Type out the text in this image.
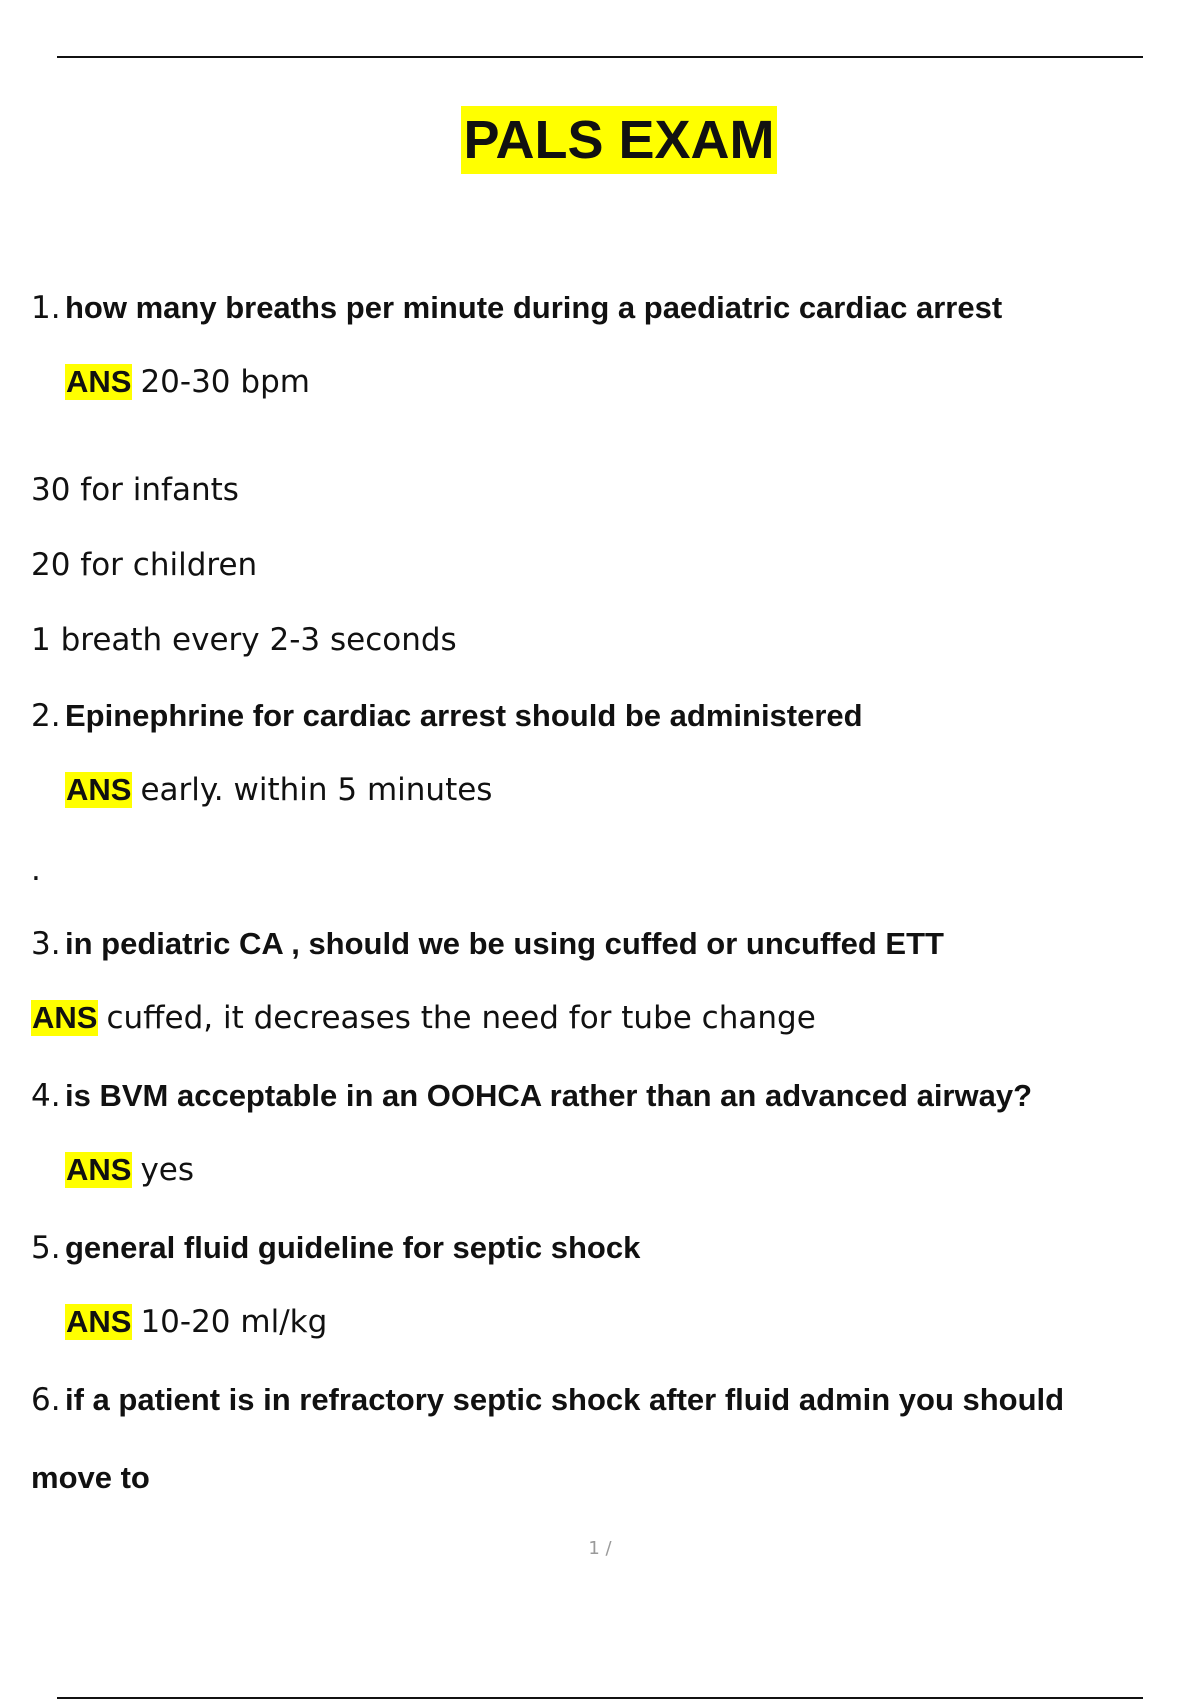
PALS EXAM
1. how many breaths per minute during a paediatric cardiac arrest
ANS 20-30 bpm
30 for infants
20 for children
1 breath every 2-3 seconds
2. Epinephrine for cardiac arrest should be administered
ANS early. within 5 minutes
.
3. in pediatric CA , should we be using cuffed or uncuffed ETT
ANS cuffed, it decreases the need for tube change
4. is BVM acceptable in an OOHCA rather than an advanced airway?
ANS yes
5. general fluid guideline for septic shock
ANS 10-20 ml/kg
6. if a patient is in refractory septic shock after fluid admin you should
move to
1 /
